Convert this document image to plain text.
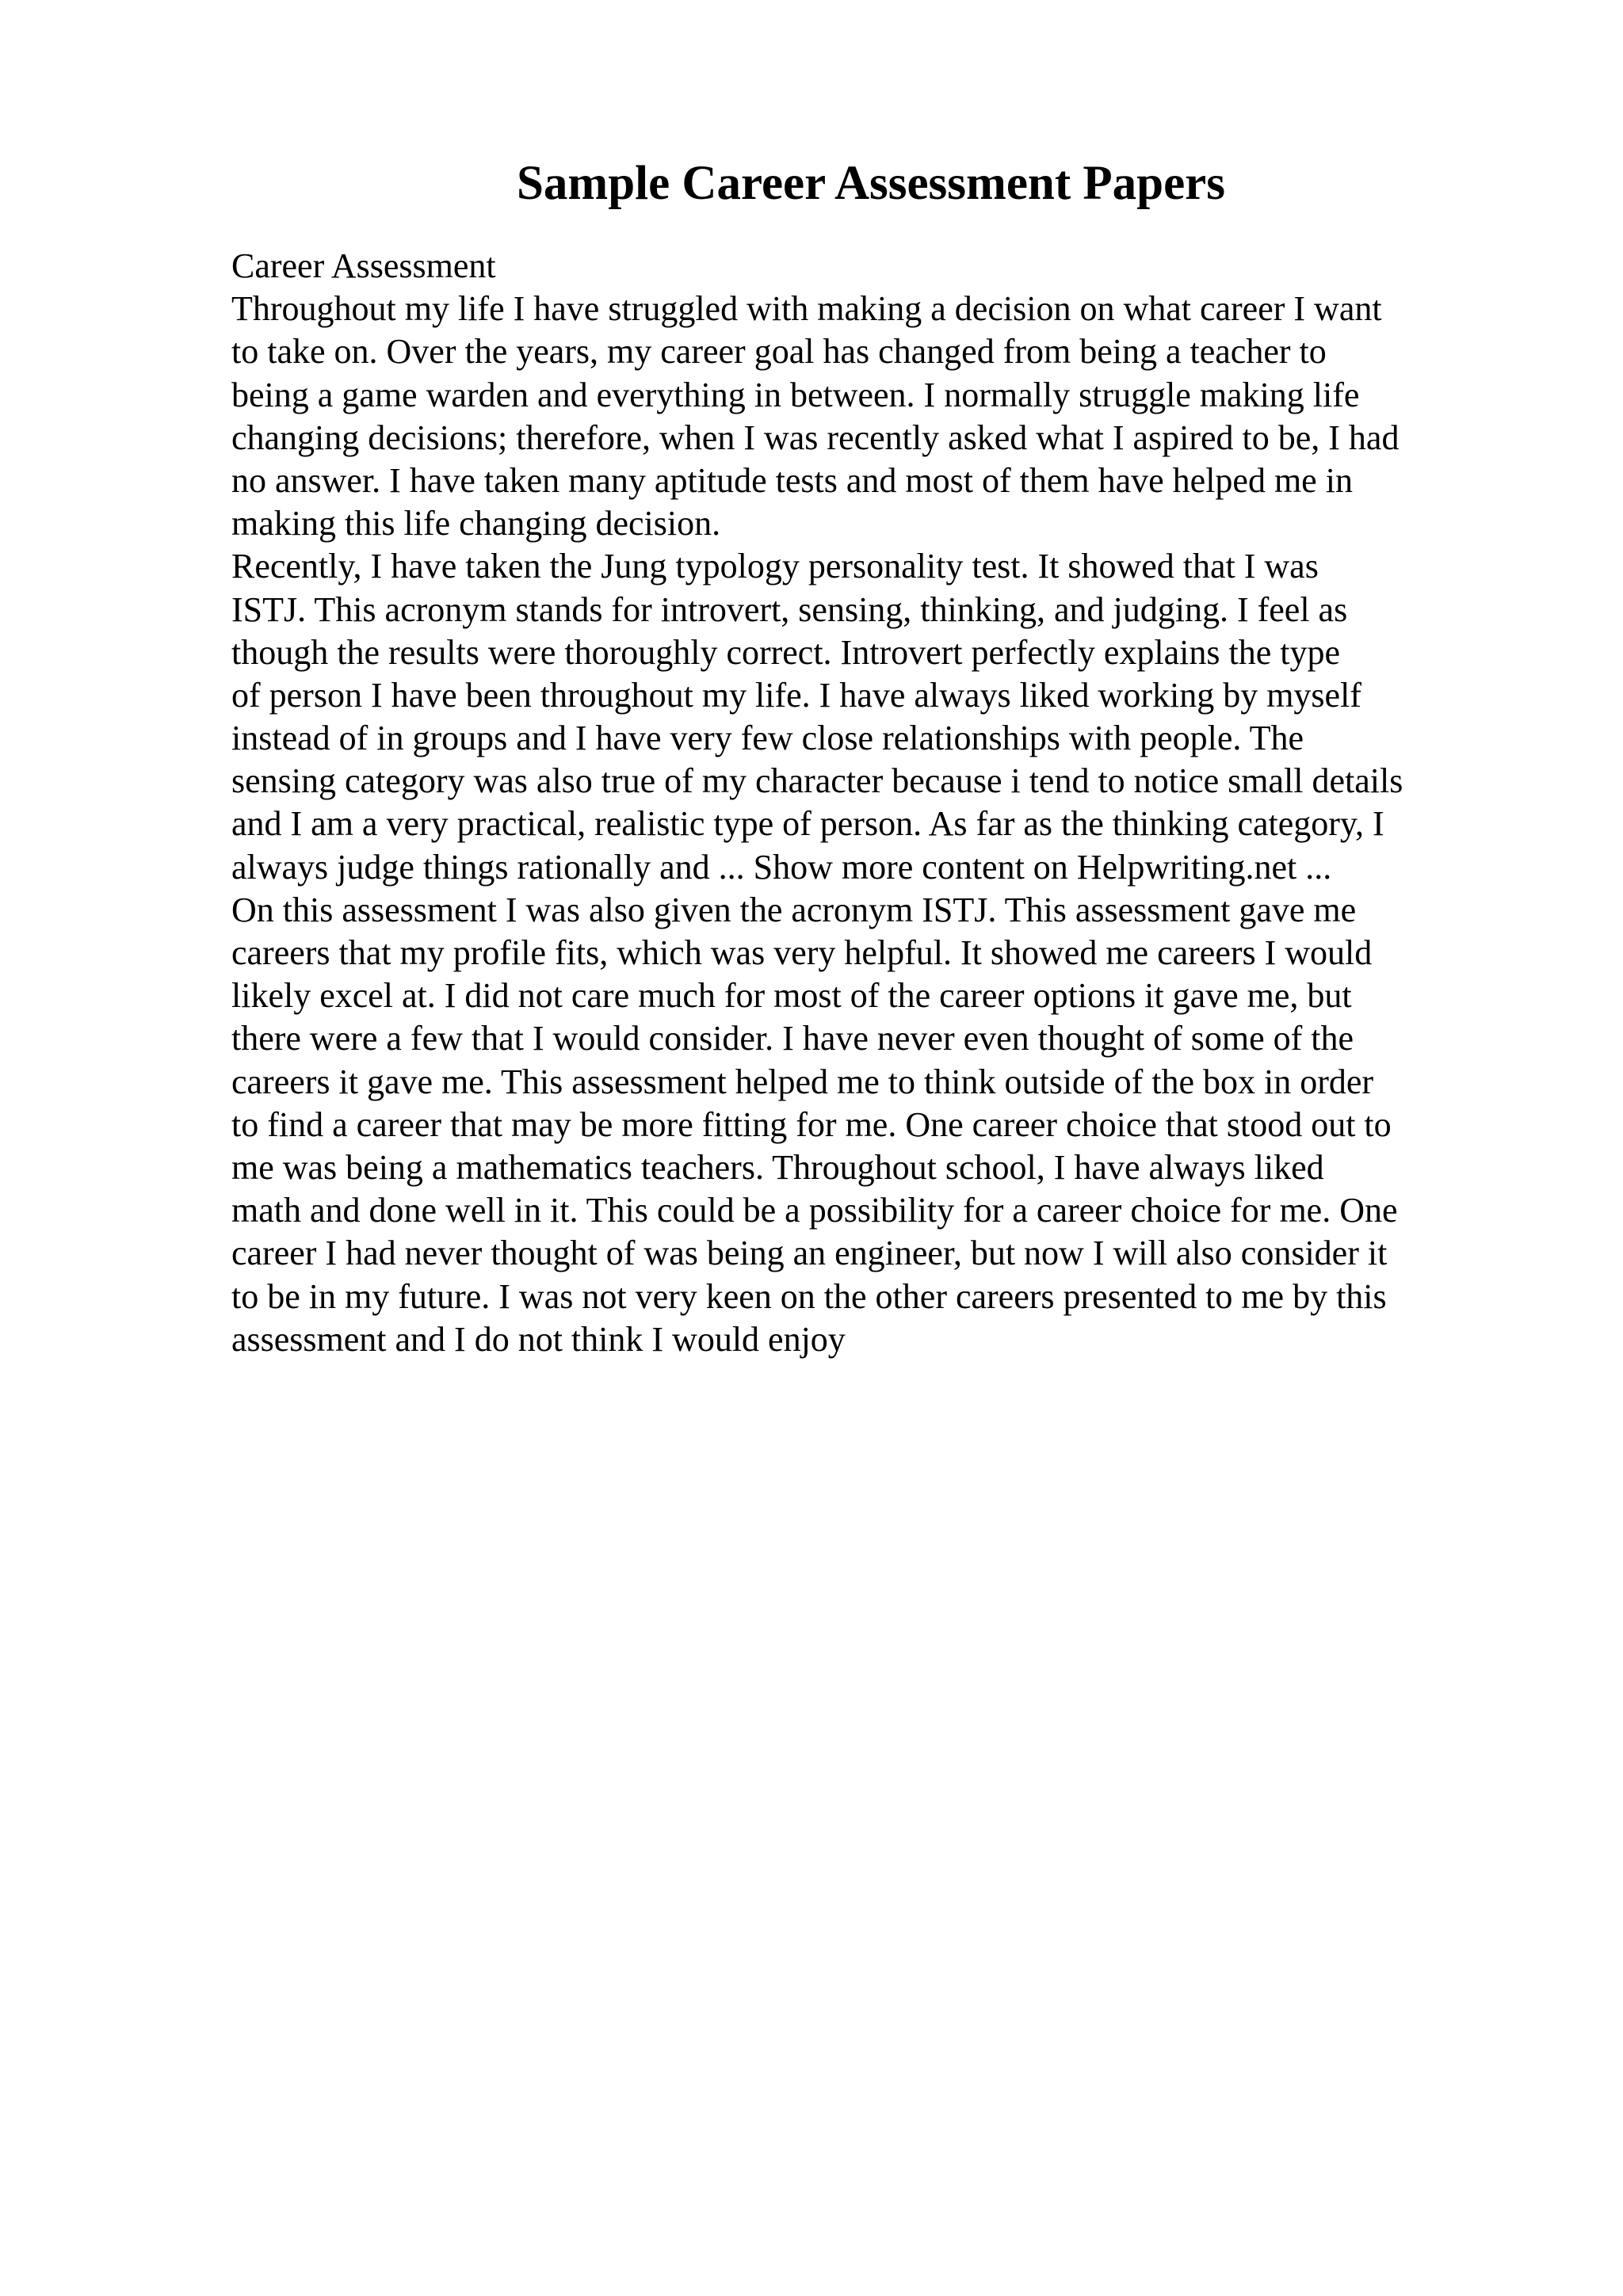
Sample Career Assessment Papers
Career Assessment
Throughout my life I have struggled with making a decision on what career I want
to take on. Over the years, my career goal has changed from being a teacher to
being a game warden and everything in between. I normally struggle making life
changing decisions; therefore, when I was recently asked what I aspired to be, I had
no answer. I have taken many aptitude tests and most of them have helped me in
making this life changing decision.
Recently, I have taken the Jung typology personality test. It showed that I was
ISTJ. This acronym stands for introvert, sensing, thinking, and judging. I feel as
though the results were thoroughly correct. Introvert perfectly explains the type
of person I have been throughout my life. I have always liked working by myself
instead of in groups and I have very few close relationships with people. The
sensing category was also true of my character because i tend to notice small details
and I am a very practical, realistic type of person. As far as the thinking category, I
always judge things rationally and ... Show more content on Helpwriting.net ...
On this assessment I was also given the acronym ISTJ. This assessment gave me
careers that my profile fits, which was very helpful. It showed me careers I would
likely excel at. I did not care much for most of the career options it gave me, but
there were a few that I would consider. I have never even thought of some of the
careers it gave me. This assessment helped me to think outside of the box in order
to find a career that may be more fitting for me. One career choice that stood out to
me was being a mathematics teachers. Throughout school, I have always liked
math and done well in it. This could be a possibility for a career choice for me. One
career I had never thought of was being an engineer, but now I will also consider it
to be in my future. I was not very keen on the other careers presented to me by this
assessment and I do not think I would enjoy
